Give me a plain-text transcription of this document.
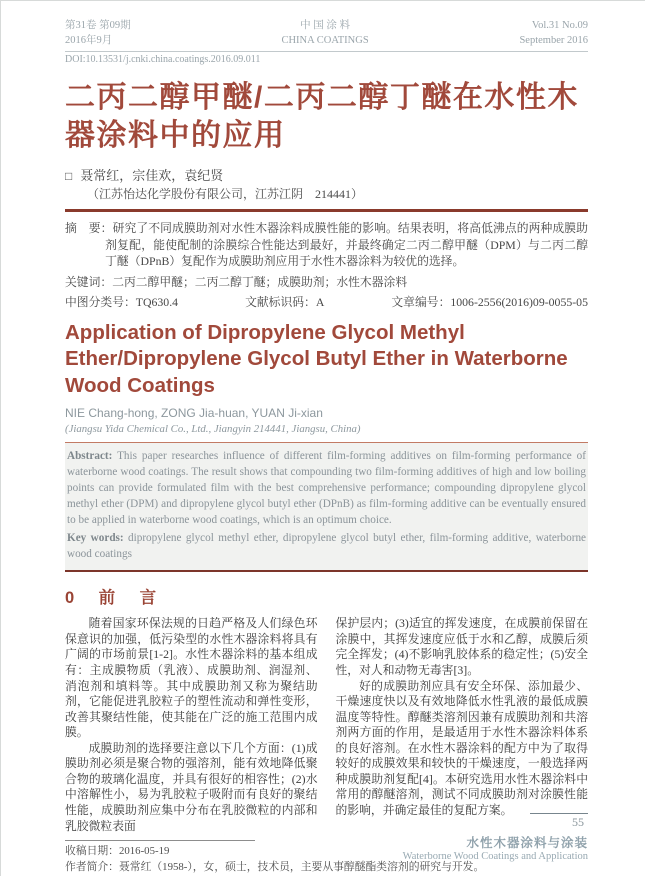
第31卷 第09期
2016年9月
中 国 涂 料
CHINA COATINGS
Vol.31 No.09
September 2016
DOI:10.13531/j.cnki.china.coatings.2016.09.011
二丙二醇甲醚/二丙二醇丁醚在水性木器涂料中的应用
□ 聂常红，宗佳欢，袁纪贤
（江苏怡达化学股份有限公司，江苏江阴　214441）
摘　要：研究了不同成膜助剂对水性木器涂料成膜性能的影响。结果表明，将高低沸点的两种成膜助剂复配，能使配制的涂膜综合性能达到最好，并最终确定二丙二醇甲醚（DPM）与二丙二醇丁醚（DPnB）复配作为成膜助剂应用于水性木器涂料为较优的选择。
关键词：二丙二醇甲醚；二丙二醇丁醚；成膜助剂；水性木器涂料
中图分类号：TQ630.4	文献标识码：A	文章编号：1006-2556(2016)09-0055-05
Application of Dipropylene Glycol Methyl Ether/Dipropylene Glycol Butyl Ether in Waterborne Wood Coatings
NIE Chang-hong, ZONG Jia-huan, YUAN Ji-xian
(Jiangsu Yida Chemical Co., Ltd., Jiangyin 214441, Jiangsu, China)
Abstract: This paper researches influence of different film-forming additives on film-forming performance of waterborne wood coatings. The result shows that compounding two film-forming additives of high and low boiling points can provide formulated film with the best comprehensive performance; compounding dipropylene glycol methyl ether (DPM) and dipropylene glycol butyl ether (DPnB) as film-forming additive can be eventually ensured to be applied in waterborne wood coatings, which is an optimum choice.
Key words: dipropylene glycol methyl ether, dipropylene glycol butyl ether, film-forming additive, waterborne wood coatings
0　前　言

随着国家环保法规的日趋严格及人们绿色环保意识的加强，低污染型的水性木器涂料将具有广阔的市场前景[1-2]。水性木器涂料的基本组成有：主成膜物质（乳液）、成膜助剂、润湿剂、消泡剂和填料等。其中成膜助剂又称为聚结助剂，它能促进乳胶粒子的塑性流动和弹性变形，改善其聚结性能，使其能在广泛的施工范围内成膜。

成膜助剂的选择要注意以下几个方面：(1)成膜助剂必须是聚合物的强溶剂，能有效地降低聚合物的玻璃化温度，并具有很好的相容性；(2)水中溶解性小，易为乳胶粒子吸附而有良好的聚结性能，成膜助剂应集中分布在乳胶微粒的内部和乳胶微粒表面

保护层内；(3)适宜的挥发速度，在成膜前保留在涂膜中，其挥发速度应低于水和乙醇，成膜后须完全挥发；(4)不影响乳胶体系的稳定性；(5)安全性，对人和动物无毒害[3]。

好的成膜助剂应具有安全环保、添加最少、干燥速度快以及有效地降低水性乳液的最低成膜温度等特性。醇醚类溶剂因兼有成膜助剂和共溶剂两方面的作用，是最适用于水性木器涂料体系的良好溶剂。在水性木器涂料的配方中为了取得较好的成膜效果和较快的干燥速度，一般选择两种成膜助剂复配[4]。本研究选用水性木器涂料中常用的醇醚溶剂，测试不同成膜助剂对涂膜性能的影响，并确定最佳的复配方案。

收稿日期：2016-05-19
作者简介：聂常红（1958-），女，硕士，技术员，主要从事醇醚酯类溶剂的研究与开发。
55
水性木器涂料与涂装
Waterborne Wood Coatings and Application
